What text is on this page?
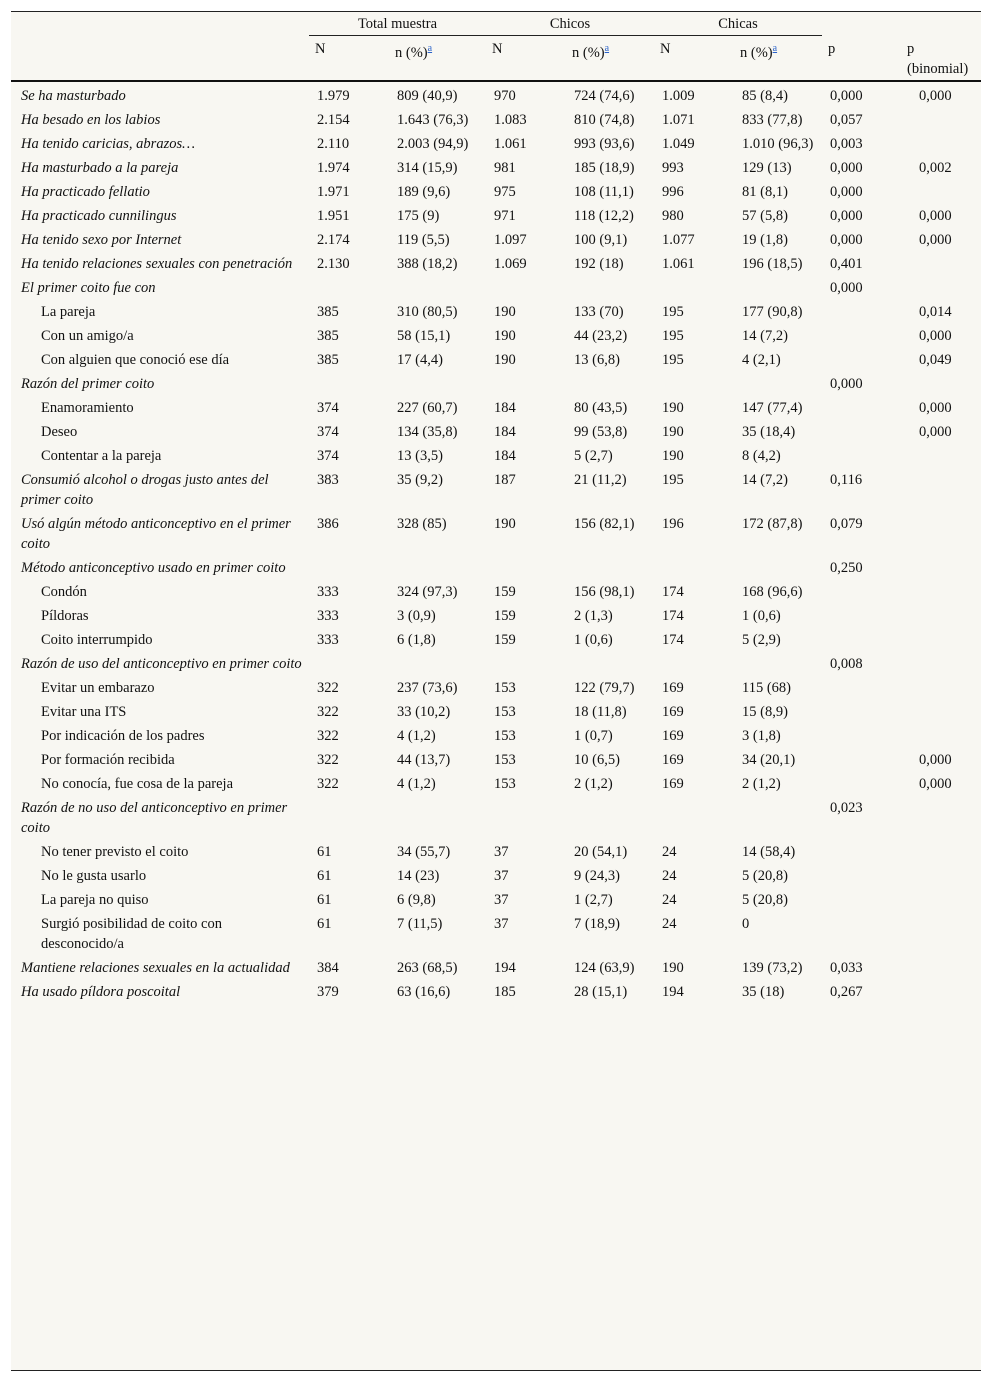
	Total muestra		Chicos		Chicas			

	N	n (%)$^a$	N	n (%)$^a$	N	n (%)$^a$	p	p (binomial)
Se ha masturbado	1.979	809 (40,9)	970	724 (74,6)	1.009	85 (8,4)	0,000	0,000
Ha besado en los labios	2.154	1.643 (76,3)	1.083	810 (74,8)	1.071	833 (77,8)	0,057	
Ha tenido caricias, abrazos…	2.110	2.003 (94,9)	1.061	993 (93,6)	1.049	1.010 (96,3)	0,003	
Ha masturbado a la pareja	1.974	314 (15,9)	981	185 (18,9)	993	129 (13)	0,000	0,002
Ha practicado fellatio	1.971	189 (9,6)	975	108 (11,1)	996	81 (8,1)	0,000	
Ha practicado cunnilingus	1.951	175 (9)	971	118 (12,2)	980	57 (5,8)	0,000	0,000
Ha tenido sexo por Internet	2.174	119 (5,5)	1.097	100 (9,1)	1.077	19 (1,8)	0,000	0,000
Ha tenido relaciones sexuales con penetración	2.130	388 (18,2)	1.069	192 (18)	1.061	196 (18,5)	0,401	
El primer coito fue con							0,000	
La pareja	385	310 (80,5)	190	133 (70)	195	177 (90,8)		0,014
Con un amigo/a	385	58 (15,1)	190	44 (23,2)	195	14 (7,2)		0,000
Con alguien que conoció ese día	385	17 (4,4)	190	13 (6,8)	195	4 (2,1)		0,049
Razón del primer coito							0,000	
Enamoramiento	374	227 (60,7)	184	80 (43,5)	190	147 (77,4)		0,000
Deseo	374	134 (35,8)	184	99 (53,8)	190	35 (18,4)		0,000
Contentar a la pareja	374	13 (3,5)	184	5 (2,7)	190	8 (4,2)		
Consumió alcohol o drogas justo antes del primer coito	383	35 (9,2)	187	21 (11,2)	195	14 (7,2)	0,116	
Usó algún método anticonceptivo en el primer coito	386	328 (85)	190	156 (82,1)	196	172 (87,8)	0,079	
Método anticonceptivo usado en primer coito							0,250	
Condón	333	324 (97,3)	159	156 (98,1)	174	168 (96,6)		
Píldoras	333	3 (0,9)	159	2 (1,3)	174	1 (0,6)		
Coito interrumpido	333	6 (1,8)	159	1 (0,6)	174	5 (2,9)		
Razón de uso del anticonceptivo en primer coito							0,008	
Evitar un embarazo	322	237 (73,6)	153	122 (79,7)	169	115 (68)		
Evitar una ITS	322	33 (10,2)	153	18 (11,8)	169	15 (8,9)		
Por indicación de los padres	322	4 (1,2)	153	1 (0,7)	169	3 (1,8)		
Por formación recibida	322	44 (13,7)	153	10 (6,5)	169	34 (20,1)		0,000
No conocía, fue cosa de la pareja	322	4 (1,2)	153	2 (1,2)	169	2 (1,2)		0,000
Razón de no uso del anticonceptivo en primer coito							0,023	
No tener previsto el coito	61	34 (55,7)	37	20 (54,1)	24	14 (58,4)		
No le gusta usarlo	61	14 (23)	37	9 (24,3)	24	5 (20,8)		
La pareja no quiso	61	6 (9,8)	37	1 (2,7)	24	5 (20,8)		
Surgió posibilidad de coito con desconocido/a	61	7 (11,5)	37	7 (18,9)	24	0		
Mantiene relaciones sexuales en la actualidad	384	263 (68,5)	194	124 (63,9)	190	139 (73,2)	0,033	
Ha usado píldora poscoital	379	63 (16,6)	185	28 (15,1)	194	35 (18)	0,267	
